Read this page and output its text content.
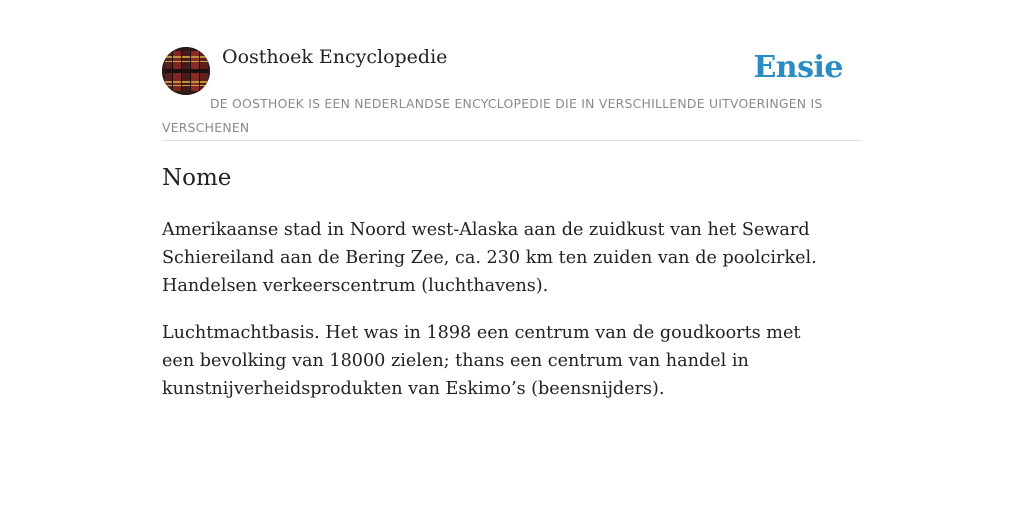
Oosthoek Encyclopedie	Ensie

DE OOSTHOEK IS EEN NEDERLANDSE ENCYCLOPEDIE DIE IN VERSCHILLENDE UITVOERINGEN IS VERSCHENEN

Nome

Amerikaanse stad in Noord west-Alaska aan de zuidkust van het Seward Schiereiland aan de Bering Zee, ca. 230 km ten zuiden van de poolcirkel. Handelsen verkeerscentrum (luchthavens).

Luchtmachtbasis. Het was in 1898 een centrum van de goudkoorts met een bevolking van 18000 zielen; thans een centrum van handel in kunstnijverheidsprodukten van Eskimo’s (beensnijders).
